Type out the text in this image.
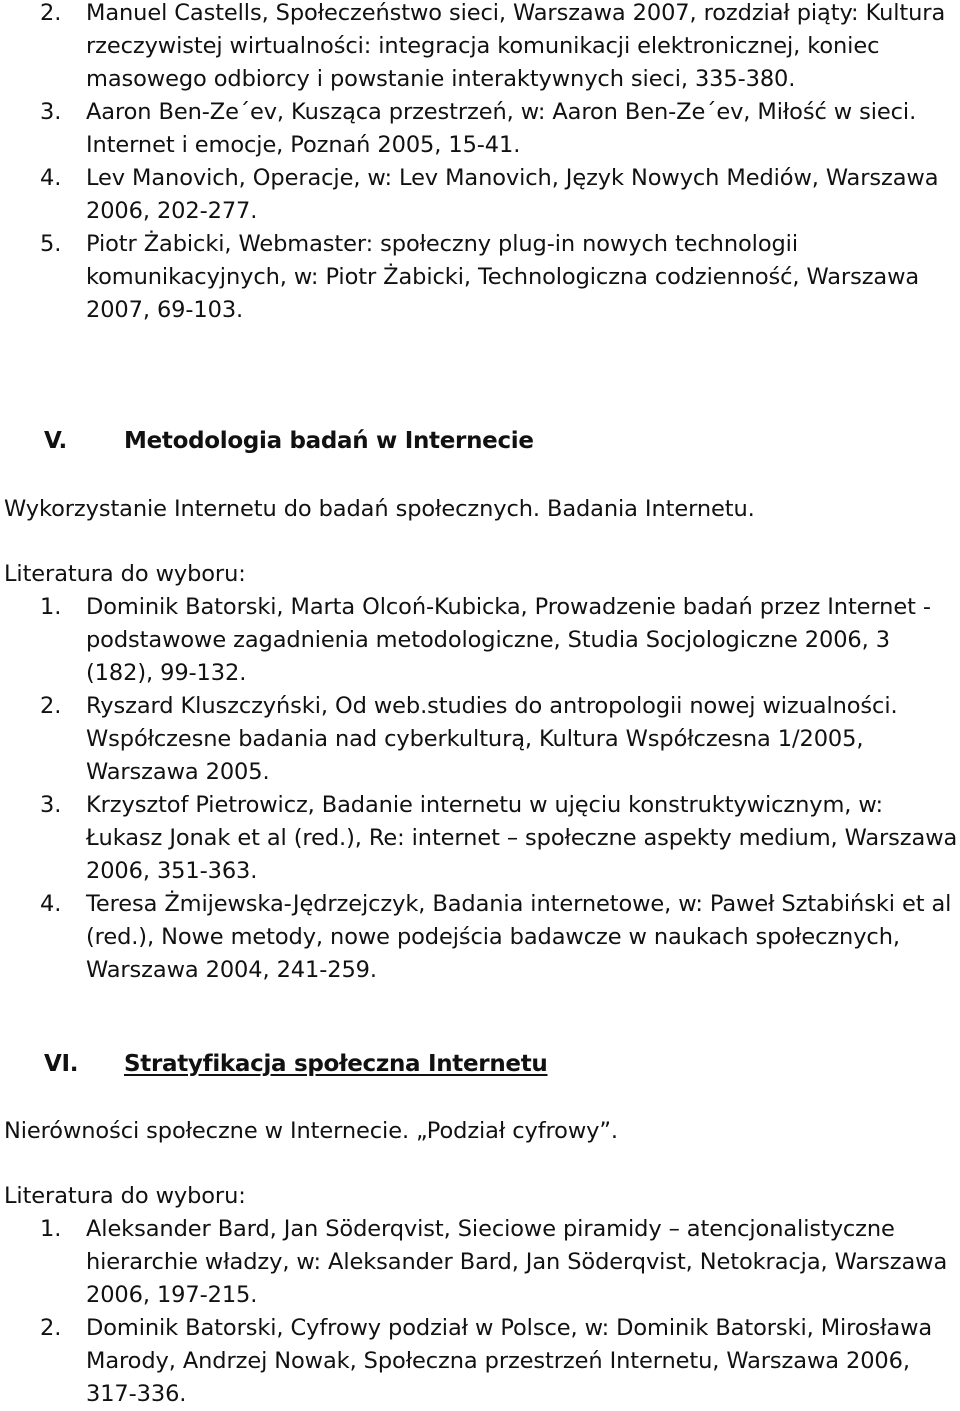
2. Manuel Castells, Społeczeństwo sieci, Warszawa 2007, rozdział piąty: Kultura rzeczywistej wirtualności: integracja komunikacji elektronicznej, koniec masowego odbiorcy i powstanie interaktywnych sieci, 335-380.
3. Aaron Ben-Ze´ev, Kusząca przestrzeń, w: Aaron Ben-Ze´ev, Miłość w sieci. Internet i emocje, Poznań 2005, 15-41.
4. Lev Manovich, Operacje, w: Lev Manovich, Język Nowych Mediów, Warszawa 2006, 202-277.
5. Piotr Żabicki, Webmaster: społeczny plug-in nowych technologii komunikacyjnych, w: Piotr Żabicki, Technologiczna codzienność, Warszawa 2007, 69-103.
V. Metodologia badań w Internecie
Wykorzystanie Internetu do badań społecznych. Badania Internetu.
Literatura do wyboru:
1. Dominik Batorski, Marta Olcoń-Kubicka, Prowadzenie badań przez Internet - podstawowe zagadnienia metodologiczne, Studia Socjologiczne 2006, 3 (182), 99-132.
2. Ryszard Kluszczyński, Od web.studies do antropologii nowej wizualności. Współczesne badania nad cyberkulturą, Kultura Współczesna 1/2005, Warszawa 2005.
3. Krzysztof Pietrowicz, Badanie internetu w ujęciu konstruktywicznym, w: Łukasz Jonak et al (red.), Re: internet – społeczne aspekty medium, Warszawa 2006, 351-363.
4. Teresa Żmijewska-Jędrzejczyk, Badania internetowe, w: Paweł Sztabiński et al (red.), Nowe metody, nowe podejścia badawcze w naukach społecznych, Warszawa 2004, 241-259.
VI. Stratyfikacja społeczna Internetu
Nierówności społeczne w Internecie. „Podział cyfrowy”.
Literatura do wyboru:
1. Aleksander Bard, Jan Söderqvist, Sieciowe piramidy – atencjonalistyczne hierarchie władzy, w: Aleksander Bard, Jan Söderqvist, Netokracja, Warszawa 2006, 197-215.
2. Dominik Batorski, Cyfrowy podział w Polsce, w: Dominik Batorski, Mirosława Marody, Andrzej Nowak, Społeczna przestrzeń Internetu, Warszawa 2006, 317-336.
